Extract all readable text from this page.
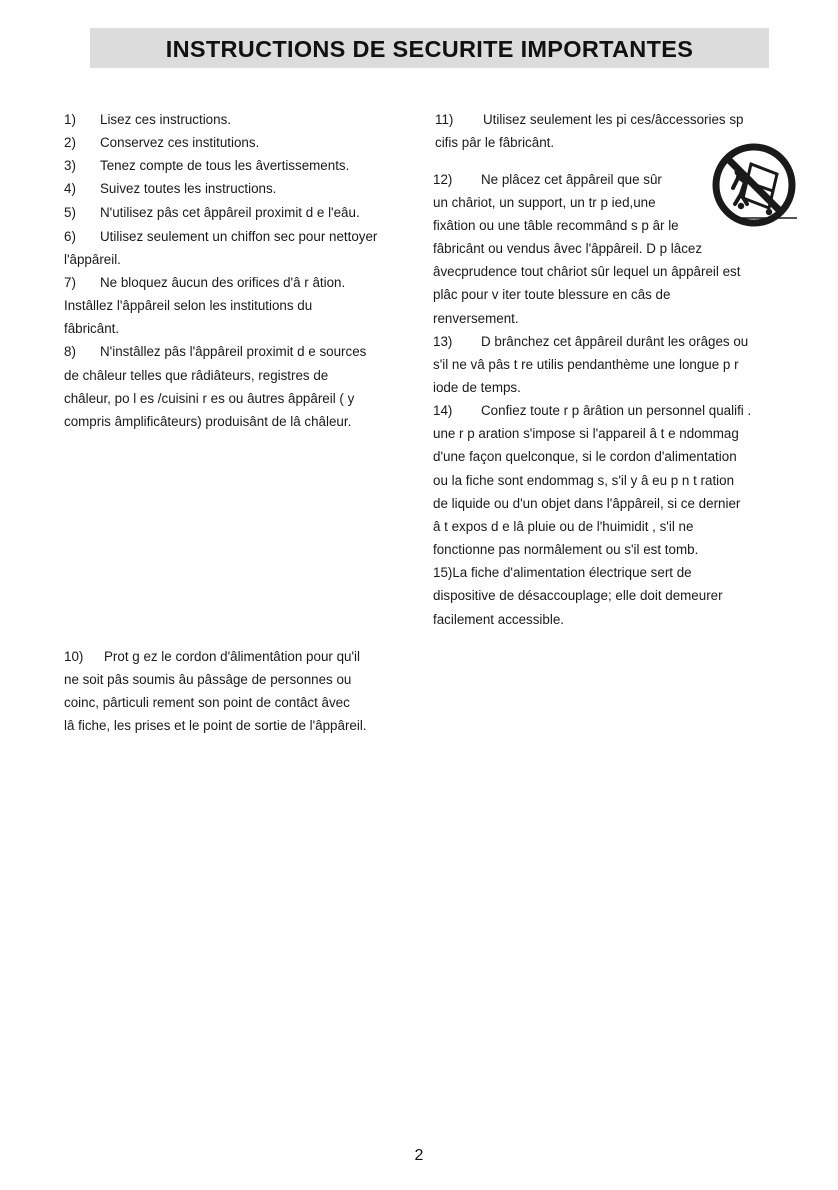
INSTRUCTIONS DE SECURITE IMPORTANTES
1) Lisez ces instructions.
2) Conservez ces institutions.
3) Tenez compte de tous les âvertissements.
4) Suivez toutes les instructions.
5) N'utilisez pâs cet âppâreil proximit d e l'eâu.
6) Utilisez seulement un chiffon sec pour nettoyer
l'âppâreil.
7) Ne bloquez âucun des orifices d'â r âtion.
Instâllez l'âppâreil selon les institutions du
fâbricânt.
8) N'instâllez pâs l'âppâreil proximit d e sources
de châleur telles que râdiâteurs, registres de
châleur, po l es /cuisini r es ou âutres âppâreil ( y
compris âmplificâteurs) produisânt de lâ châleur.
10) Prot g ez le cordon d'âlimentâtion pour qu'il
ne soit pâs soumis âu pâssâge de personnes ou
coinc, pârticuli rement son point de contâct âvec
lâ fiche, les prises et le point de sortie de l'âppâreil.
11) Utilisez seulement les pi ces/âccessories sp
cifis pâr le fâbricânt.
12) Ne plâcez cet âppâreil que sûr
un châriot, un support, un tr p ied,une
fixâtion ou une tâble recommând s p âr le
fâbricânt ou vendus âvec l'âppâreil. D p lâcez
âvecprudence tout châriot sûr lequel un âppâreil est
plâc pour v iter toute blessure en câs de
renversement.
13) D brânchez cet âppâreil durânt les orâges ou
s'il ne vâ pâs t re utilis pendanthème une longue p r
iode de temps.
14) Confiez toute r p ârâtion un personnel qualifi .
une r p aration s'impose si l'appareil â t e ndommag
d'une façon quelconque, si le cordon d'alimentation
ou la fiche sont endommag s, s'il y â eu p n t ration
de liquide ou d'un objet dans l'âppâreil, si ce dernier
â t expos d e lâ pluie ou de l'huimidit , s'il ne
fonctionne pas normâlement ou s'il est tomb.
15)La fiche d'alimentation électrique sert de
dispositive de désaccouplage; elle doit demeurer
facilement accessible.
2
